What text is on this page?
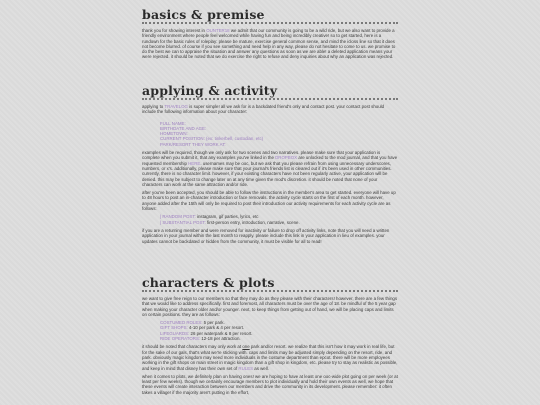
basics & premise

thank you for showing interest in OUNTER18 we admit that our community is going to be a wild ride, but we also want to provide a friendly environment where people feel welcomed while having fun and being incredibly creative! so to get started, here is a rundown for the basic rules of roleplay: please be mature, exercise general common sense, and mind the icloss line so that it does not become blurred. of course if you see something and need help in any way, please do not hesitate to come to us. we promise to do the best we can to appraise the situation and answer any questions as soon as we are able! a deleted application means your were rejected. it should be noted that we do exercise the right to refuse and deny inquiries about why an application was rejected.

applying & activity

applying to TRAVELOG is super simple! all we ask for is a backdated friend's only and contact post. your contact post should include the following information about your character:

FULL NAME:
BIRTHDATE AND AGE:
HOMETOWN:
CURRENT POSITION: (ex: tinkerbell, custodian, etc)
PARK/RESORT THEY WORK AT:

examples will be required, though we only ask for two scenes and two narratives. please make sure that your application is complete when you submit it, that any examples you've linked in the DROPBOX are unlocked to the mod journal, and that you have requested membership HERE. usernames may be ooc, but we ask that you please refrain from using unnecessary underscores, numbers, or x's. additionally, please make sure that your journal's friends list is cleared out if it's been used in other communities. currently, there is no character limit. however, if your existing characters have not been regularly active, your application will be denied. this may be subject to change later on at any time given the mod's discretion. it should be noted that none of your characters can work at the same attraction and/or ride.

after you've been accepted, you should be able to follow the instructions in the member's area to get started. everyone will have up to 48 hours to post an in-character introduction or face removals. the activity cycle starts on the first of each month. however, anyone added after the 15th will only be required to post their introduction our activity requirements for each activity cycle are as follows:

| RANDOM POST: instagram, gif parties, lyrics, etc
| SUBSTANTIAL POST: first-person entry, introduction, narrative, scene.

if you are a returning member and were removed for inactivity or failure to drop off activity links, note that you will need a written application in your journal within the last month to reapply. please include this link in your application in lieu of examples. your updates cannot be backdated or hidden from the community, it must be visible for all to read!

characters & plots

we want to give free reign to our members so that they may do as they please with their characters! however, there are a few things that we would like to address specifically. first and foremost, all characters must be over the age of 18. be mindful of the 5 year gap when making your character older and/or younger. next, to keep things from getting out of hand, we will be placing caps and limits on certain positions. they are as follows:

COSTUMED ROLES: 5 per park.
GIFT SHOPS: 4-10 per park & 4 per resort.
LIFEGUARDS: 26 per waterpark & 8 per resort.
RIDE OPERATORS: 12-18 per attraction.

it should be noted that characters may only work at one park and/or resort. we realize that this isn't how it may work in real life, but for the sake of our gals, that's what we're sticking with. caps and limits may be adjusted simply depending on the resort, ride, and park. obviously magic kingdom may need more individuals in the costume department than epcot. there will be more employees working in the gift shops on main street in magic kingdom than a gift shop in kingdom, etc. please try to stay as realistic as possible, and keep in mind that disney has their own set of RULES as well.

when it comes to plots, we definitely plan on having ones! we are hoping to have at least one ooc-wide plot going on per week (or at least per few weeks). though we certainly encourage members to plot individually and hold their own events as well, we hope that these events will create interaction between our members and drive the community in its development. please remember: it often takes a village! if the majority aren't putting in the effort,
